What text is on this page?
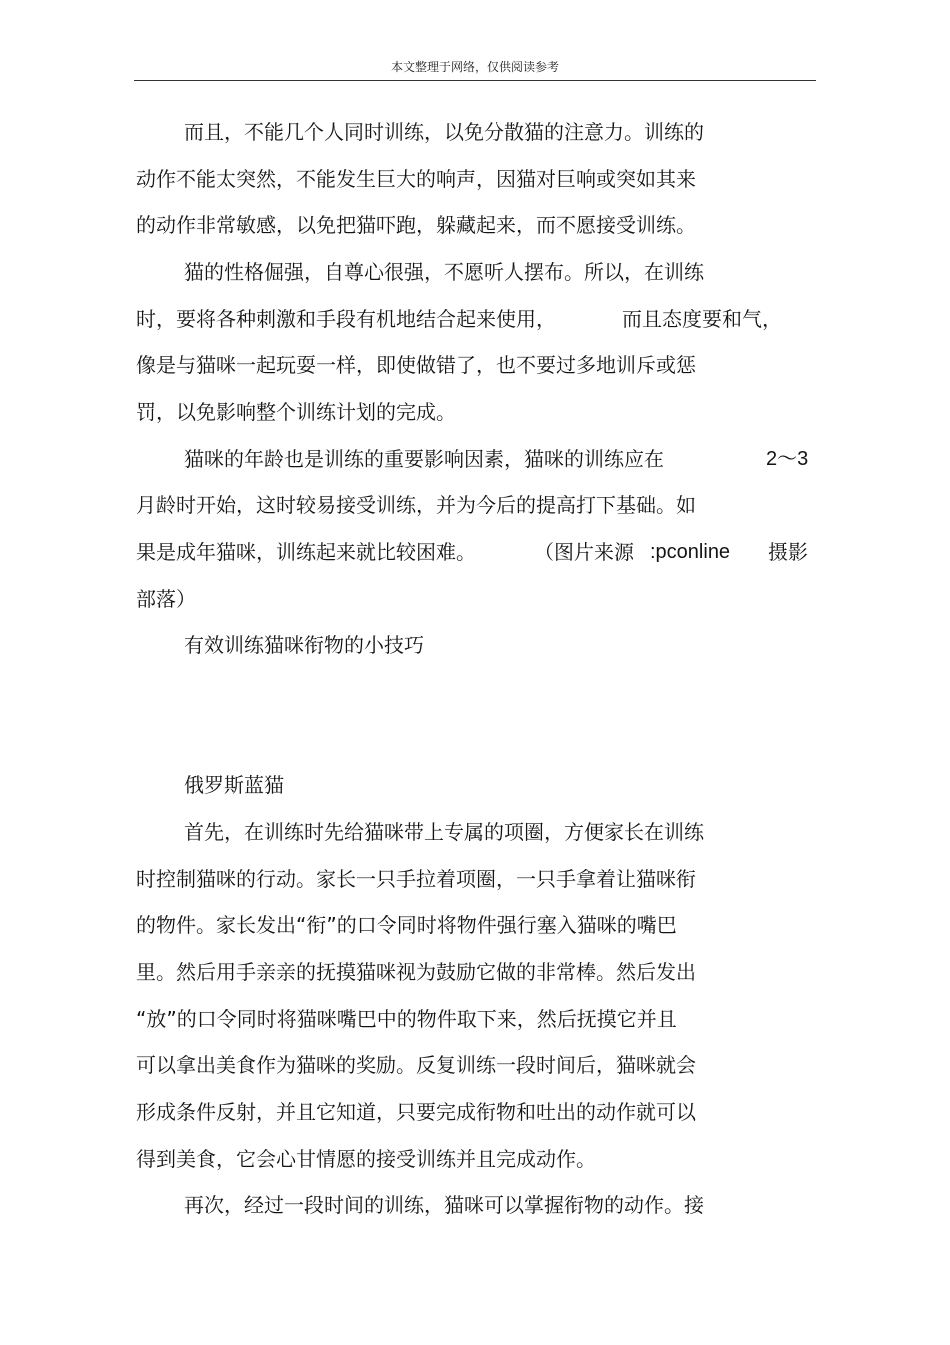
本文整理于网络，仅供阅读参考
而且，不能几个人同时训练，以免分散猫的注意力。训练的
动作不能太突然，不能发生巨大的响声，因猫对巨响或突如其来
的动作非常敏感，以免把猫吓跑，躲藏起来，而不愿接受训练。
猫的性格倔强，自尊心很强，不愿听人摆布。所以，在训练
时，要将各种刺激和手段有机地结合起来使用，	而且态度要和气，
像是与猫咪一起玩耍一样，即使做错了，也不要过多地训斥或惩
罚，以免影响整个训练计划的完成。
猫咪的年龄也是训练的重要影响因素，猫咪的训练应在	2～3
月龄时开始，这时较易接受训练，并为今后的提高打下基础。如
果是成年猫咪，训练起来就比较困难。	（图片来源 :pconline 摄影
部落）
有效训练猫咪衔物的小技巧
俄罗斯蓝猫
首先，在训练时先给猫咪带上专属的项圈，方便家长在训练
时控制猫咪的行动。家长一只手拉着项圈，一只手拿着让猫咪衔
的物件。家长发出“衔”的口令同时将物件强行塞入猫咪的嘴巴
里。然后用手亲亲的抚摸猫咪视为鼓励它做的非常棒。然后发出
“放”的口令同时将猫咪嘴巴中的物件取下来，然后抚摸它并且
可以拿出美食作为猫咪的奖励。反复训练一段时间后，猫咪就会
形成条件反射，并且它知道，只要完成衔物和吐出的动作就可以
得到美食，它会心甘情愿的接受训练并且完成动作。
再次，经过一段时间的训练，猫咪可以掌握衔物的动作。接
